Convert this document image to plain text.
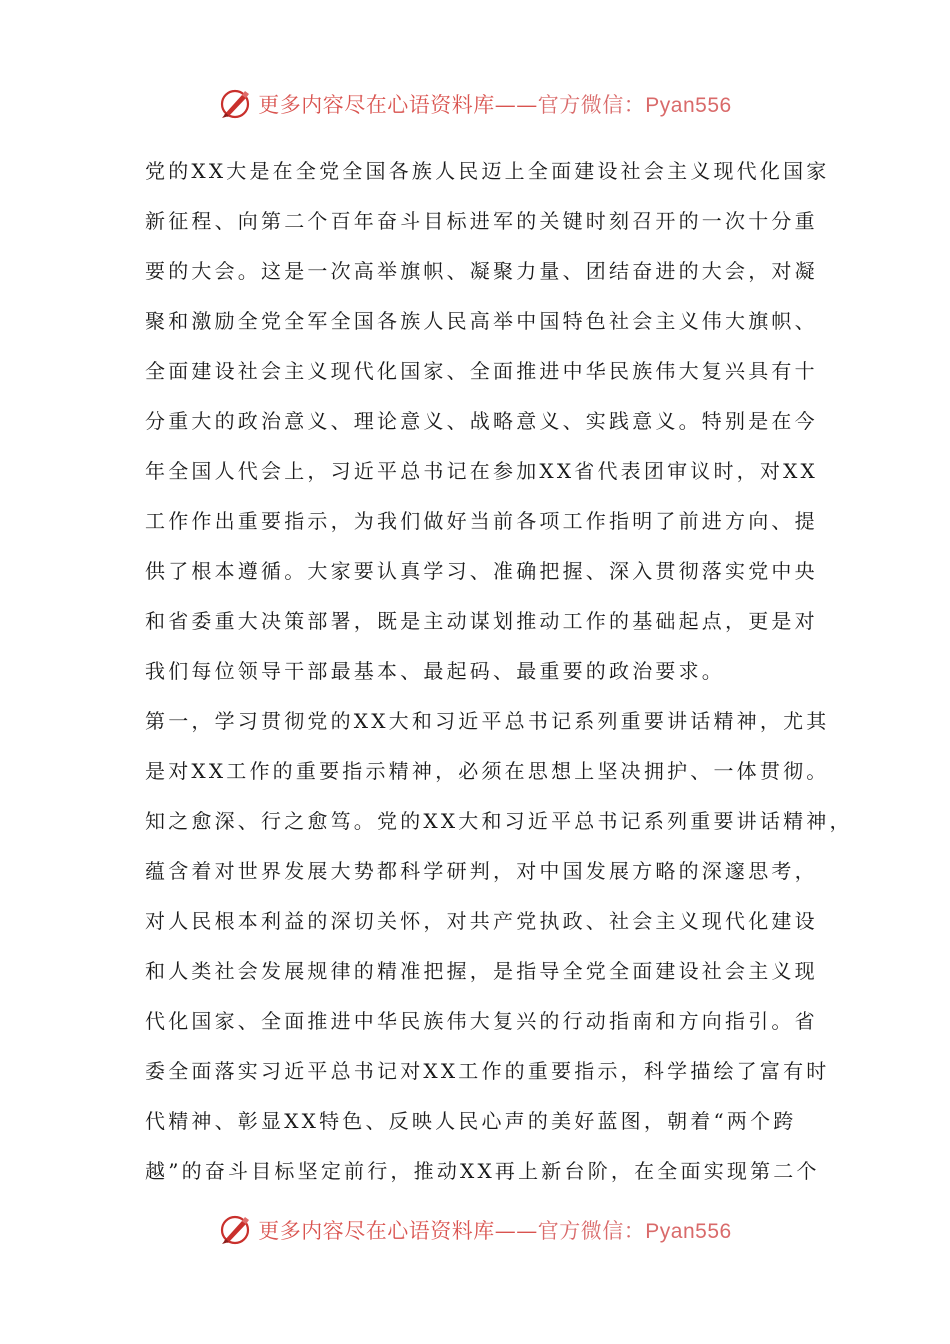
更多内容尽在心语资料库——官方微信：Pyan556
党的XX大是在全党全国各族人民迈上全面建设社会主义现代化国家
新征程、向第二个百年奋斗目标进军的关键时刻召开的一次十分重
要的大会。这是一次高举旗帜、凝聚力量、团结奋进的大会，对凝
聚和激励全党全军全国各族人民高举中国特色社会主义伟大旗帜、
全面建设社会主义现代化国家、全面推进中华民族伟大复兴具有十
分重大的政治意义、理论意义、战略意义、实践意义。特别是在今
年全国人代会上，习近平总书记在参加XX省代表团审议时，对XX
工作作出重要指示，为我们做好当前各项工作指明了前进方向、提
供了根本遵循。大家要认真学习、准确把握、深入贯彻落实党中央
和省委重大决策部署，既是主动谋划推动工作的基础起点，更是对
我们每位领导干部最基本、最起码、最重要的政治要求。
第一，学习贯彻党的XX大和习近平总书记系列重要讲话精神，尤其
是对XX工作的重要指示精神，必须在思想上坚决拥护、一体贯彻。
知之愈深、行之愈笃。党的XX大和习近平总书记系列重要讲话精神，
蕴含着对世界发展大势都科学研判，对中国发展方略的深邃思考，
对人民根本利益的深切关怀，对共产党执政、社会主义现代化建设
和人类社会发展规律的精准把握，是指导全党全面建设社会主义现
代化国家、全面推进中华民族伟大复兴的行动指南和方向指引。省
委全面落实习近平总书记对XX工作的重要指示，科学描绘了富有时
代精神、彰显XX特色、反映人民心声的美好蓝图，朝着“两个跨
越”的奋斗目标坚定前行，推动XX再上新台阶，在全面实现第二个
更多内容尽在心语资料库——官方微信：Pyan556
